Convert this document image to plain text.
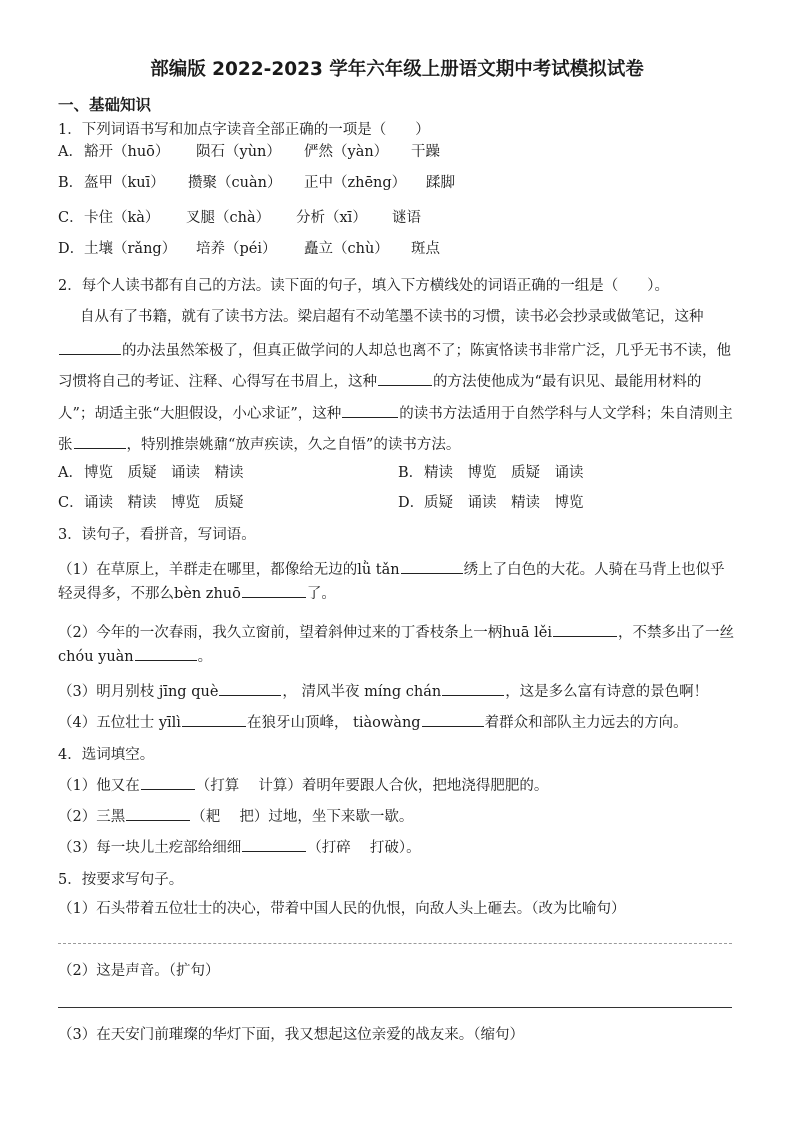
部编版 2022-2023 学年六年级上册语文期中考试模拟试卷
一、基础知识
1．下列词语书写和加点字读音全部正确的一项是（　　）
A． 豁开（huō） 陨石（yùn） 俨然（yàn） 干躁
B． 盔甲（kuī） 攒聚（cuàn） 正中（zhēng） 蹂脚
C． 卡住（kà） 叉腿（chà） 分析（xī） 谜语
D． 土壤（rǎng） 培养（péi） 矗立（chù） 斑点
2．每个人读书都有自己的方法。读下面的句子，填入下方横线处的词语正确的一组是（　　）。
自从有了书籍，就有了读书方法。梁启超有不动笔墨不读书的习惯，读书必会抄录或做笔记，这种
的办法虽然笨极了，但真正做学问的人却总也离不了；陈寅恪读书非常广泛，几乎无书不读，他
习惯将自己的考证、注释、心得写在书眉上，这种	的方法使他成为“最有识见、最能用材料的
人”；胡适主张“大胆假设，小心求证”，这种	的读书方法适用于自然学科与人文学科；朱自清则主
张	，特别推崇姚鼐“放声疾读，久之自悟”的读书方法。
A． 博览　质疑　诵读　精读	B． 精读　博览　质疑　诵读
C． 诵读　精读　博览　质疑	D． 质疑　诵读　精读　博览
3．读句子，看拼音，写词语。
（1）在草原上，羊群走在哪里，都像给无边的lǜ tǎn	绣上了白色的大花。人骑在马背上也似乎
轻灵得多，不那么bèn zhuō	了。
（2）今年的一次春雨，我久立窗前，望着斜伸过来的丁香枝条上一柄huā lěi	，不禁多出了一丝
chóu yuàn	。
（3）明月别枝 jīng què	， 清风半夜 míng chán	，这是多么富有诗意的景色啊！
（4）五位壮士 yīlì	在狼牙山顶峰， tiàowàng	着群众和部队主力远去的方向。
4．选词填空。
（1）他又在	（打算　 计算）着明年要跟人合伙，把地浇得肥肥的。
（2）三黑	（耙　 把）过地，坐下来歇一歇。
（3）每一块儿土疙部给细细	（打碎　 打破）。
5．按要求写句子。
（1）石头带着五位壮士的决心，带着中国人民的仇恨，向敌人头上砸去。（改为比喻句）
（2）这是声音。（扩句）
（3）在天安门前璀璨的华灯下面，我又想起这位亲爱的战友来。（缩句）
